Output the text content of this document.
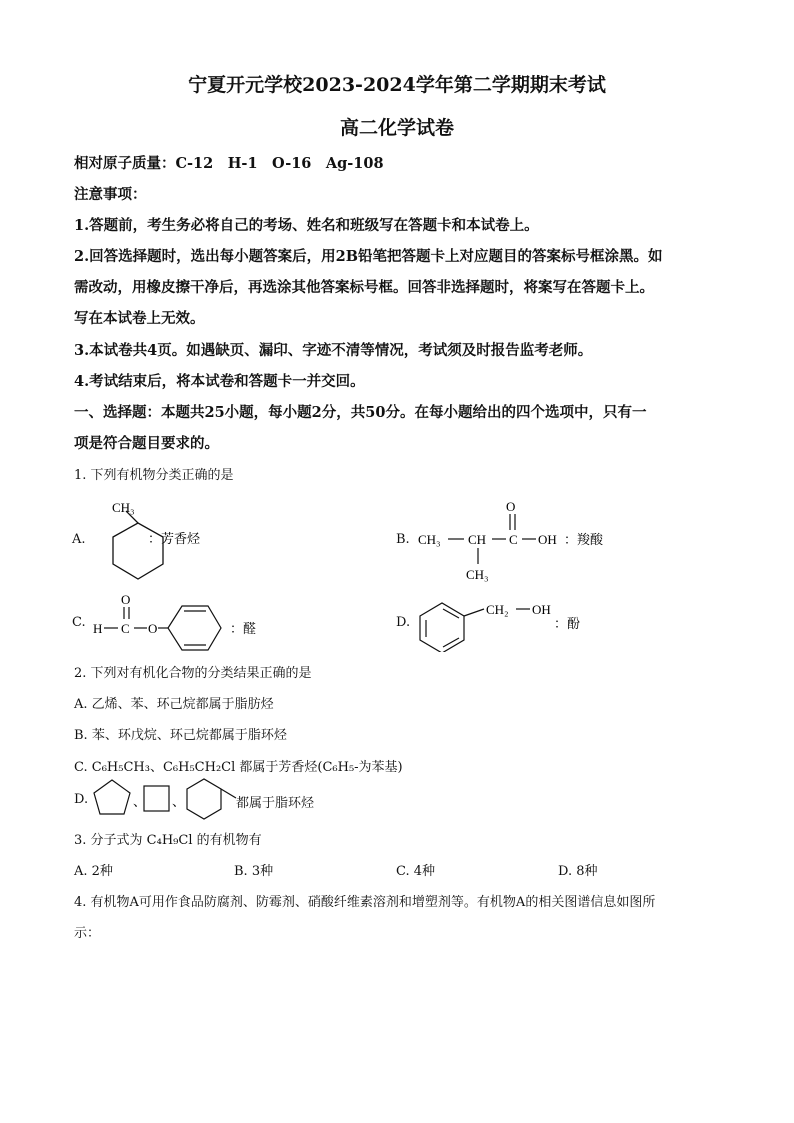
宁夏开元学校2023-2024学年第二学期期末考试
高二化学试卷
相对原子质量：C-12　H-1　O-16　Ag-108
注意事项：
1.答题前，考生务必将自己的考场、姓名和班级写在答题卡和本试卷上。
2.回答选择题时，选出每小题答案后，用2B铅笔把答题卡上对应题目的答案标号框涂黑。如
需改动，用橡皮擦干净后，再选涂其他答案标号框。回答非选择题时，将案写在答题卡上。
写在本试卷上无效。
3.本试卷共4页。如遇缺页、漏印、字迹不清等情况，考试须及时报告监考老师。
4.考试结束后，将本试卷和答题卡一并交回。
一、选择题：本题共25小题，每小题2分，共50分。在每小题给出的四个选项中，只有一
项是符合题目要求的。
1. 下列有机物分类正确的是
A.
CH₃
：芳香烃	B. CH₃ CH C
O
OH
CH₃
：羧酸
C. H C
O
O	：醛	D.
CH₂ OH
：酚
2. 下列对有机化合物的分类结果正确的是
A. 乙烯、苯、环己烷都属于脂肪烃
B. 苯、环戊烷、环己烷都属于脂环烃
C. C₆H₅CH₃、C₆H₅CH₂Cl 都属于芳香烃(C₆H₅-为苯基)
D.	、 、	都属于脂环烃
3. 分子式为 C₄H₉Cl 的有机物有
A. 2种	B. 3种	C. 4种	D. 8种
4. 有机物A可用作食品防腐剂、防霉剂、硝酸纤维素溶剂和增塑剂等。有机物A的相关图谱信息如图所
示：
